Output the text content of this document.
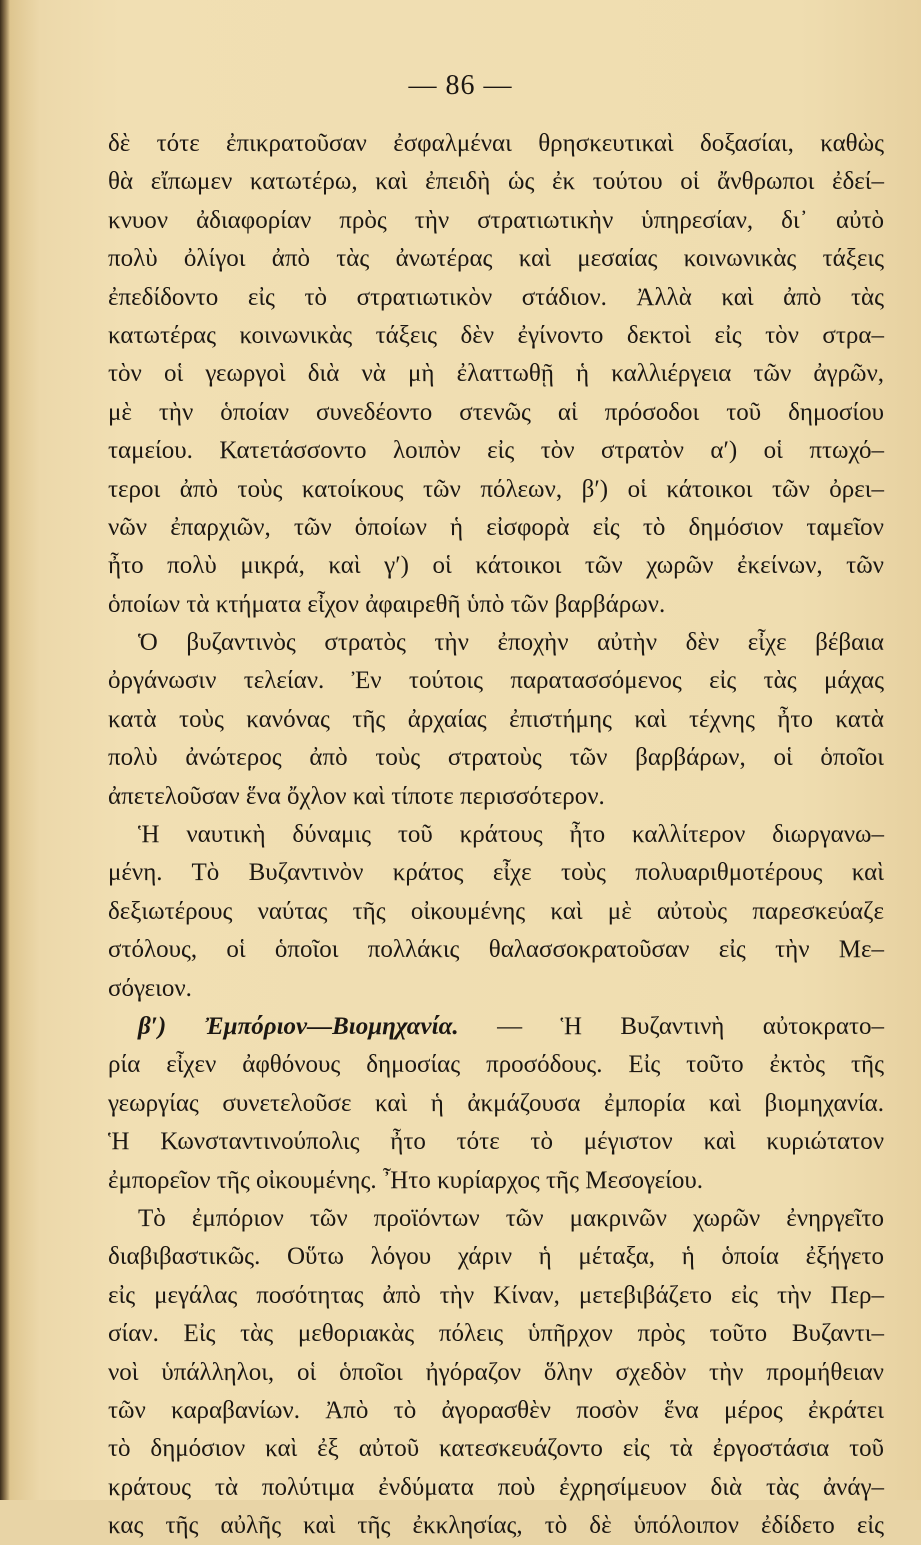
— 86 —
δὲ τότε ἐπικρατοῦσαν ἐσφαλμέναι θρησκευτικαὶ δοξασίαι, καθὼς
θὰ εἴπωμεν κατωτέρω, καὶ ἐπειδὴ ὡς ἐκ τούτου οἱ ἄνθρωποι ἐδεί–
κνυον ἀδιαφορίαν πρὸς τὴν στρατιωτικὴν ὑπηρεσίαν, δι᾿ αὐτὸ
πολὺ ὀλίγοι ἀπὸ τὰς ἀνωτέρας καὶ μεσαίας κοινωνικὰς τάξεις
ἐπεδίδοντο εἰς τὸ στρατιωτικὸν στάδιον. Ἀλλὰ καὶ ἀπὸ τὰς
κατωτέρας κοινωνικὰς τάξεις δὲν ἐγίνοντο δεκτοὶ εἰς τὸν στρα–
τὸν οἱ γεωργοὶ διὰ νὰ μὴ ἐλαττωθῇ ἡ καλλιέργεια τῶν ἀγρῶν,
μὲ τὴν ὁποίαν συνεδέοντο στενῶς αἱ πρόσοδοι τοῦ δημοσίου
ταμείου. Κατετάσσοντο λοιπὸν εἰς τὸν στρατὸν α′) οἱ πτωχό–
τεροι ἀπὸ τοὺς κατοίκους τῶν πόλεων, β′) οἱ κάτοικοι τῶν ὀρει–
νῶν ἐπαρχιῶν, τῶν ὁποίων ἡ εἰσφορὰ εἰς τὸ δημόσιον ταμεῖον
ἦτο πολὺ μικρά, καὶ γ′) οἱ κάτοικοι τῶν χωρῶν ἐκείνων, τῶν
ὁποίων τὰ κτήματα εἶχον ἀφαιρεθῆ ὑπὸ τῶν βαρβάρων.
Ὁ βυζαντινὸς στρατὸς τὴν ἐποχὴν αὐτὴν δὲν εἶχε βέβαια
ὀργάνωσιν τελείαν. Ἐν τούτοις παρατασσόμενος εἰς τὰς μάχας
κατὰ τοὺς κανόνας τῆς ἀρχαίας ἐπιστήμης καὶ τέχνης ἦτο κατὰ
πολὺ ἀνώτερος ἀπὸ τοὺς στρατοὺς τῶν βαρβάρων, οἱ ὁποῖοι
ἀπετελοῦσαν ἕνα ὄχλον καὶ τίποτε περισσότερον.
Ἡ ναυτικὴ δύναμις τοῦ κράτους ἦτο καλλίτερον διωργανω–
μένη. Τὸ Βυζαντινὸν κράτος εἶχε τοὺς πολυαριθμοτέρους καὶ
δεξιωτέρους ναύτας τῆς οἰκουμένης καὶ μὲ αὐτοὺς παρεσκεύαζε
στόλους, οἱ ὁποῖοι πολλάκις θαλασσοκρατοῦσαν εἰς τὴν Με–
σόγειον.
β′) Ἐμπόριον—Βιομηχανία. — Ἡ Βυζαντινὴ αὐτοκρατο–
ρία εἶχεν ἀφθόνους δημοσίας προσόδους. Εἰς τοῦτο ἐκτὸς τῆς
γεωργίας συνετελοῦσε καὶ ἡ ἀκμάζουσα ἐμπορία καὶ βιομηχανία.
Ἡ Κωνσταντινούπολις ἦτο τότε τὸ μέγιστον καὶ κυριώτατον
ἐμπορεῖον τῆς οἰκουμένης. Ἦτο κυρίαρχος τῆς Μεσογείου.
Τὸ ἐμπόριον τῶν προϊόντων τῶν μακρινῶν χωρῶν ἐνηργεῖτο
διαβιβαστικῶς. Οὕτω λόγου χάριν ἡ μέταξα, ἡ ὁποία ἐξήγετο
εἰς μεγάλας ποσότητας ἀπὸ τὴν Κίναν, μετεβιβάζετο εἰς τὴν Περ–
σίαν. Εἰς τὰς μεθοριακὰς πόλεις ὑπῆρχον πρὸς τοῦτο Βυζαντι–
νοὶ ὑπάλληλοι, οἱ ὁποῖοι ἠγόραζον ὅλην σχεδὸν τὴν προμήθειαν
τῶν καραβανίων. Ἀπὸ τὸ ἀγορασθὲν ποσὸν ἕνα μέρος ἐκράτει
τὸ δημόσιον καὶ ἐξ αὐτοῦ κατεσκευάζοντο εἰς τὰ ἐργοστάσια τοῦ
κράτους τὰ πολύτιμα ἐνδύματα ποὺ ἐχρησίμευον διὰ τὰς ἀνάγ–
κας τῆς αὐλῆς καὶ τῆς ἐκκλησίας, τὸ δὲ ὑπόλοιπον ἐδίδετο εἰς
